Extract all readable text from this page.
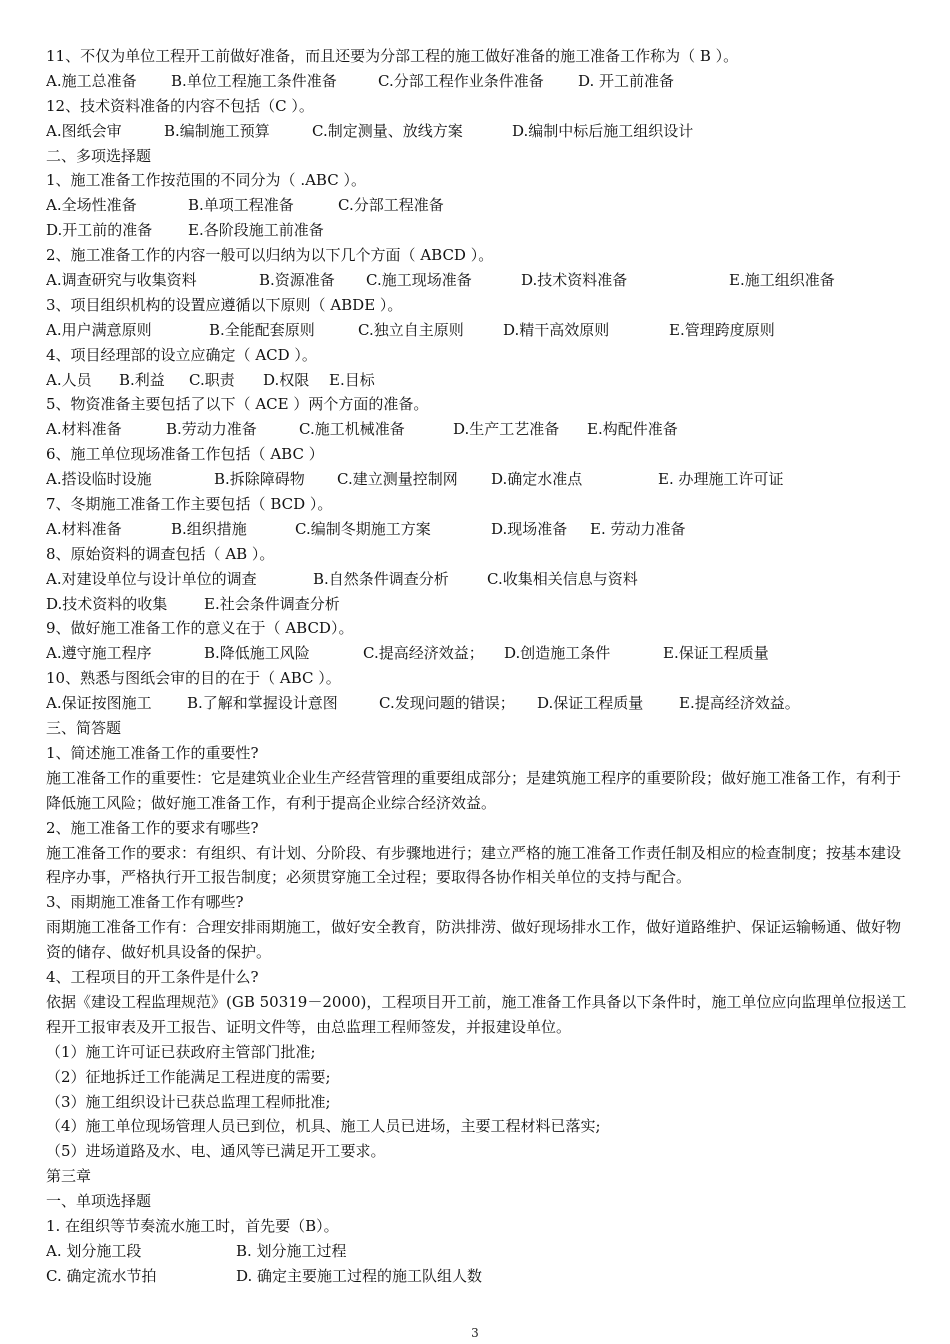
11、不仅为单位工程开工前做好准备，而且还要为分部工程的施工做好准备的施工准备工作称为（ B ）。
A.施工总准备	B.单位工程施工条件准备	C.分部工程作业条件准备	D. 开工前准备
12、技术资料准备的内容不包括（C ）。
A.图纸会审	B.编制施工预算	C.制定测量、放线方案	D.编制中标后施工组织设计
二、多项选择题
1、施工准备工作按范围的不同分为（ .ABC ）。
A.全场性准备	B.单项工程准备	C.分部工程准备
D.开工前的准备	E.各阶段施工前准备
2、施工准备工作的内容一般可以归纳为以下几个方面（ ABCD ）。
A.调查研究与收集资料	B.资源准备	C.施工现场准备	D.技术资料准备	E.施工组织准备
3、项目组织机构的设置应遵循以下原则（ ABDE ）。
A.用户满意原则	B.全能配套原则	C.独立自主原则	D.精干高效原则	E.管理跨度原则
4、项目经理部的设立应确定（ ACD ）。
A.人员	B.利益	C.职责	D.权限	E.目标
5、物资准备主要包括了以下（ ACE ）两个方面的准备。
A.材料准备	B.劳动力准备	C.施工机械准备	D.生产工艺准备	E.构配件准备
6、施工单位现场准备工作包括（ ABC ）
A.搭设临时设施	B.拆除障碍物	C.建立测量控制网	D.确定水准点	E. 办理施工许可证
7、冬期施工准备工作主要包括（ BCD ）。
A.材料准备	B.组织措施	C.编制冬期施工方案	D.现场准备	E. 劳动力准备
8、原始资料的调查包括（ AB ）。
A.对建设单位与设计单位的调查	B.自然条件调查分析	C.收集相关信息与资料
D.技术资料的收集	E.社会条件调查分析
9、做好施工准备工作的意义在于（ ABCD）。
A.遵守施工程序	B.降低施工风险	C.提高经济效益；	D.创造施工条件	E.保证工程质量
10、熟悉与图纸会审的目的在于（ ABC ）。
A.保证按图施工	B.了解和掌握设计意图	C.发现问题的错误；	D.保证工程质量	E.提高经济效益。
三、简答题
1、简述施工准备工作的重要性?
施工准备工作的重要性：它是建筑业企业生产经营管理的重要组成部分；是建筑施工程序的重要阶段；做好施工准备工作，有利于降低施工风险；做好施工准备工作，有利于提高企业综合经济效益。
2、施工准备工作的要求有哪些?
施工准备工作的要求：有组织、有计划、分阶段、有步骤地进行；建立严格的施工准备工作责任制及相应的检查制度；按基本建设程序办事，严格执行开工报告制度；必须贯穿施工全过程；要取得各协作相关单位的支持与配合。
3、雨期施工准备工作有哪些?
雨期施工准备工作有：合理安排雨期施工，做好安全教育，防洪排涝、做好现场排水工作，做好道路维护、保证运输畅通、做好物资的储存、做好机具设备的保护。
4、工程项目的开工条件是什么?
依据《建设工程监理规范》(GB 50319－2000)，工程项目开工前，施工准备工作具备以下条件时，施工单位应向监理单位报送工程开工报审表及开工报告、证明文件等，由总监理工程师签发，并报建设单位。
（1）施工许可证已获政府主管部门批准;
（2）征地拆迁工作能满足工程进度的需要;
（3）施工组织设计已获总监理工程师批准;
（4）施工单位现场管理人员已到位，机具、施工人员已进场，主要工程材料已落实;
（5）进场道路及水、电、通风等已满足开工要求。
第三章
一、单项选择题
1. 在组织等节奏流水施工时，首先要（B）。
A. 划分施工段	B. 划分施工过程
C. 确定流水节拍	D. 确定主要施工过程的施工队组人数
3
